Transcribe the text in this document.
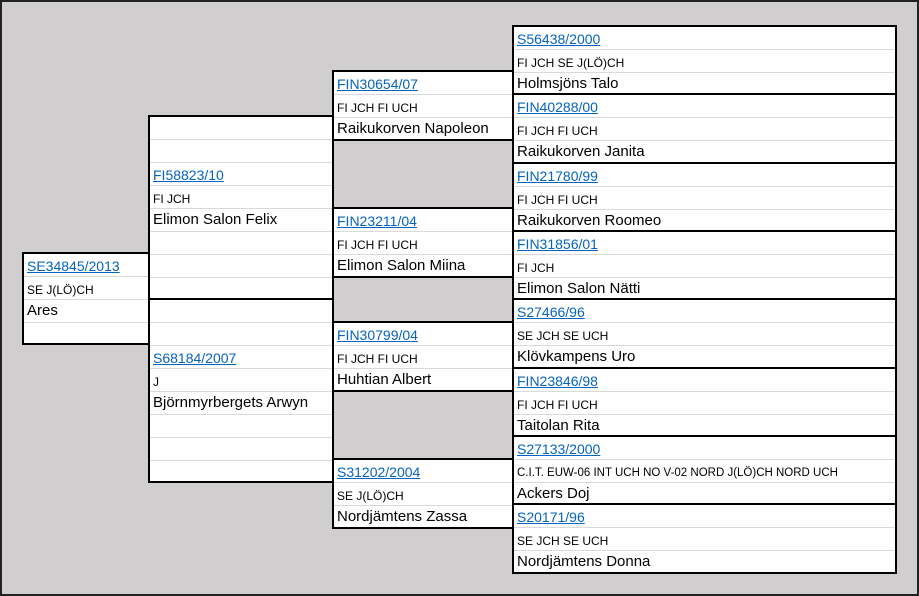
SE34845/2013
SE J(LÖ)CH
Ares
FI58823/10
FI JCH
Elimon Salon Felix
S68184/2007
J
Björnmyrbergets Arwyn
FIN30654/07
FI JCH FI UCH
Raikukorven Napoleon
FIN23211/04
FI JCH FI UCH
Elimon Salon Miina
FIN30799/04
FI JCH FI UCH
Huhtian Albert
S31202/2004
SE J(LÖ)CH
Nordjämtens Zassa
S56438/2000
FI JCH SE J(LÖ)CH
Holmsjöns Talo
FIN40288/00
FI JCH FI UCH
Raikukorven Janita
FIN21780/99
FI JCH FI UCH
Raikukorven Roomeo
FIN31856/01
FI JCH
Elimon Salon Nätti
S27466/96
SE JCH SE UCH
Klövkampens Uro
FIN23846/98
FI JCH FI UCH
Taitolan Rita
S27133/2000
C.I.T. EUW-06 INT UCH NO V-02 NORD J(LÖ)CH NORD UCH
Ackers Doj
S20171/96
SE JCH SE UCH
Nordjämtens Donna
